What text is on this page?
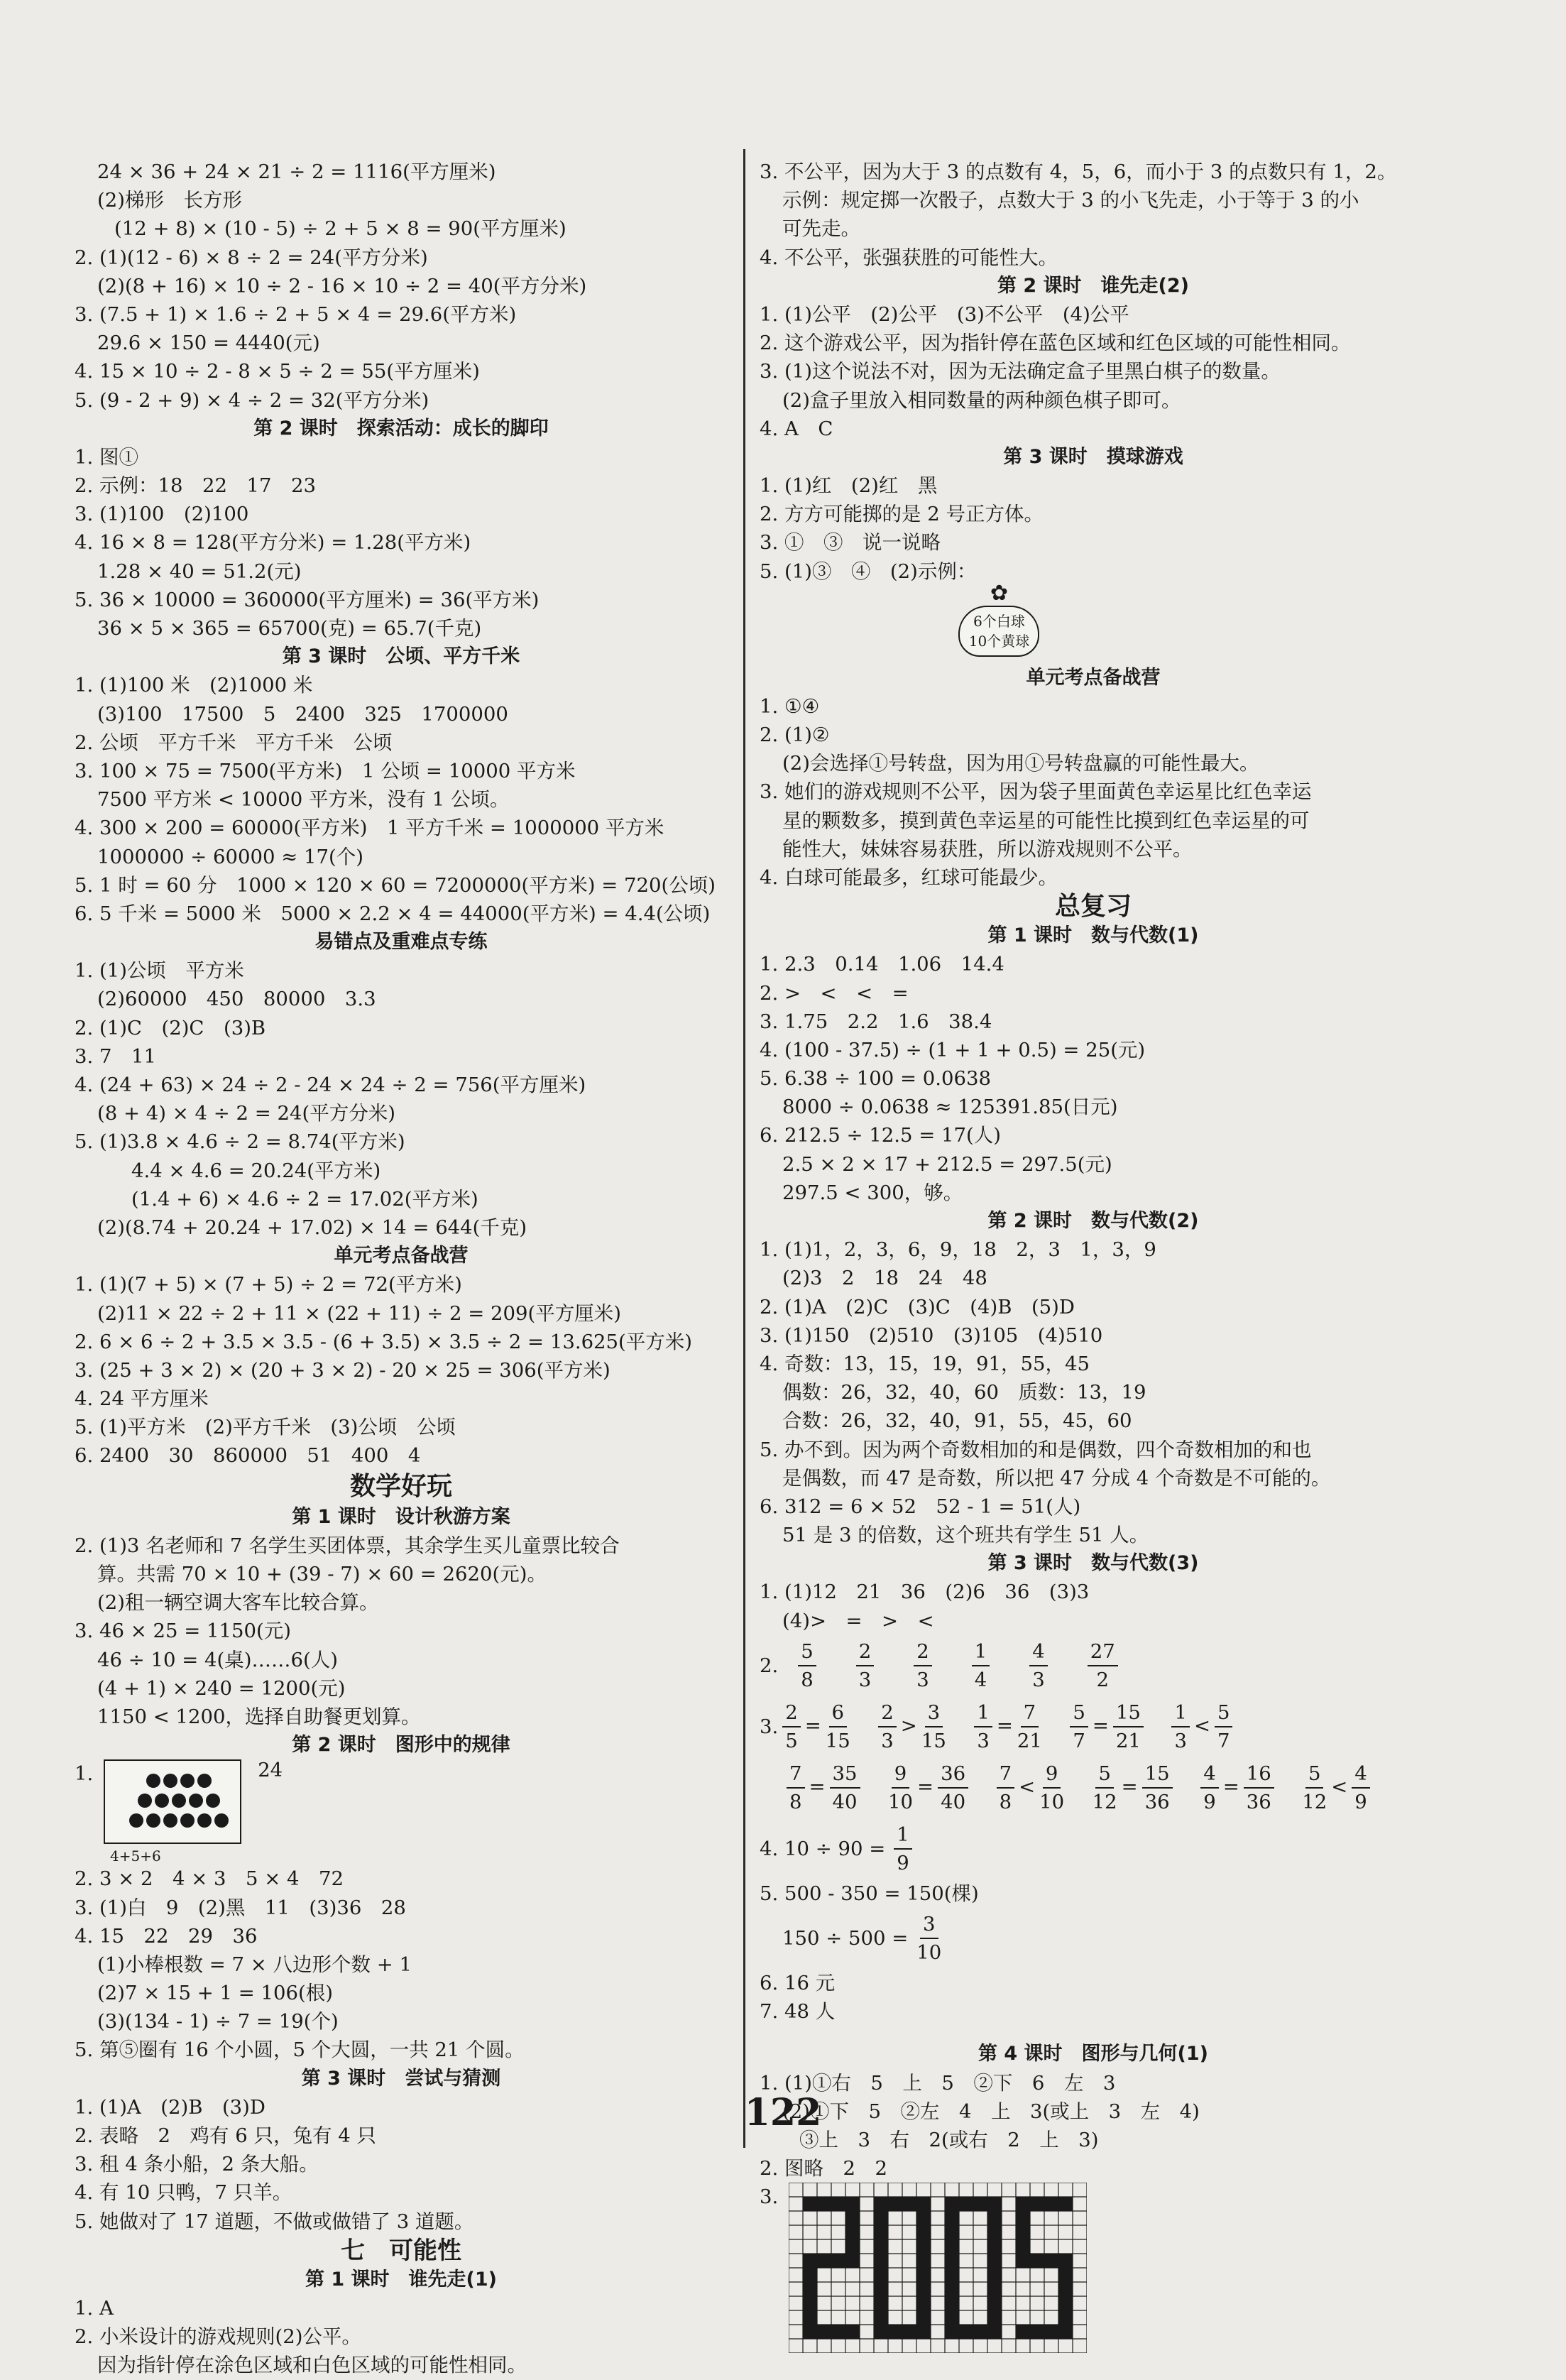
24 × 36 + 24 × 21 ÷ 2 = 1116(平方厘米)
(2)梯形　长方形
(12 + 8) × (10 - 5) ÷ 2 + 5 × 8 = 90(平方厘米)
2. (1)(12 - 6) × 8 ÷ 2 = 24(平方分米)
(2)(8 + 16) × 10 ÷ 2 - 16 × 10 ÷ 2 = 40(平方分米)
3. (7.5 + 1) × 1.6 ÷ 2 + 5 × 4 = 29.6(平方米)
29.6 × 150 = 4440(元)
4. 15 × 10 ÷ 2 - 8 × 5 ÷ 2 = 55(平方厘米)
5. (9 - 2 + 9) × 4 ÷ 2 = 32(平方分米)
第 2 课时　探索活动：成长的脚印
1. 图①
2. 示例：18　22　17　23
3. (1)100　(2)100
4. 16 × 8 = 128(平方分米) = 1.28(平方米)
1.28 × 40 = 51.2(元)
5. 36 × 10000 = 360000(平方厘米) = 36(平方米)
36 × 5 × 365 = 65700(克) = 65.7(千克)
第 3 课时　公顷、平方千米
1. (1)100 米　(2)1000 米
(3)100　17500　5　2400　325　1700000
2. 公顷　平方千米　平方千米　公顷
3. 100 × 75 = 7500(平方米)　1 公顷 = 10000 平方米
7500 平方米 < 10000 平方米，没有 1 公顷。
4. 300 × 200 = 60000(平方米)　1 平方千米 = 1000000 平方米
1000000 ÷ 60000 ≈ 17(个)
5. 1 时 = 60 分　1000 × 120 × 60 = 7200000(平方米) = 720(公顷)
6. 5 千米 = 5000 米　5000 × 2.2 × 4 = 44000(平方米) = 4.4(公顷)
易错点及重难点专练
1. (1)公顷　平方米
(2)60000　450　80000　3.3
2. (1)C　(2)C　(3)B
3. 7　11
4. (24 + 63) × 24 ÷ 2 - 24 × 24 ÷ 2 = 756(平方厘米)
(8 + 4) × 4 ÷ 2 = 24(平方分米)
5. (1)3.8 × 4.6 ÷ 2 = 8.74(平方米)
4.4 × 4.6 = 20.24(平方米)
(1.4 + 6) × 4.6 ÷ 2 = 17.02(平方米)
(2)(8.74 + 20.24 + 17.02) × 14 = 644(千克)
单元考点备战营
1. (1)(7 + 5) × (7 + 5) ÷ 2 = 72(平方米)
(2)11 × 22 ÷ 2 + 11 × (22 + 11) ÷ 2 = 209(平方厘米)
2. 6 × 6 ÷ 2 + 3.5 × 3.5 - (6 + 3.5) × 3.5 ÷ 2 = 13.625(平方米)
3. (25 + 3 × 2) × (20 + 3 × 2) - 20 × 25 = 306(平方米)
4. 24 平方厘米
5. (1)平方米　(2)平方千米　(3)公顷　公顷
6. 2400　30　860000　51　400　4
数学好玩
第 1 课时　设计秋游方案
2. (1)3 名老师和 7 名学生买团体票，其余学生买儿童票比较合
算。共需 70 × 10 + (39 - 7) × 60 = 2620(元)。
(2)租一辆空调大客车比较合算。
3. 46 × 25 = 1150(元)
46 ÷ 10 = 4(桌)……6(人)
(4 + 1) × 240 = 1200(元)
1150 < 1200，选择自助餐更划算。
第 2 课时　图形中的规律
1.	24
4+5+6
2. 3 × 2　4 × 3　5 × 4　72
3. (1)白　9　(2)黑　11　(3)36　28
4. 15　22　29　36
(1)小棒根数 = 7 × 八边形个数 + 1
(2)7 × 15 + 1 = 106(根)
(3)(134 - 1) ÷ 7 = 19(个)
5. 第⑤圈有 16 个小圆，5 个大圆，一共 21 个圆。
第 3 课时　尝试与猜测
1. (1)A　(2)B　(3)D
2. 表略　2　鸡有 6 只，兔有 4 只
3. 租 4 条小船，2 条大船。
4. 有 10 只鸭，7 只羊。
5. 她做对了 17 道题，不做或做错了 3 道题。
七　可能性
第 1 课时　谁先走(1)
1. A
2. 小米设计的游戏规则(2)公平。
因为指针停在涂色区域和白色区域的可能性相同。
3. 不公平，因为大于 3 的点数有 4，5，6，而小于 3 的点数只有 1，2。
示例：规定掷一次骰子，点数大于 3 的小飞先走，小于等于 3 的小
可先走。
4. 不公平，张强获胜的可能性大。
第 2 课时　谁先走(2)
1. (1)公平　(2)公平　(3)不公平　(4)公平
2. 这个游戏公平，因为指针停在蓝色区域和红色区域的可能性相同。
3. (1)这个说法不对，因为无法确定盒子里黑白棋子的数量。
(2)盒子里放入相同数量的两种颜色棋子即可。
4. A　C
第 3 课时　摸球游戏
1. (1)红　(2)红　黑
2. 方方可能掷的是 2 号正方体。
3. ①　③　说一说略
5. (1)③　④　(2)示例：
✿
6个白球
10个黄球
单元考点备战营
1. ①④
2. (1)②
(2)会选择①号转盘，因为用①号转盘赢的可能性最大。
3. 她们的游戏规则不公平，因为袋子里面黄色幸运星比红色幸运
星的颗数多，摸到黄色幸运星的可能性比摸到红色幸运星的可
能性大，妹妹容易获胜，所以游戏规则不公平。
4. 白球可能最多，红球可能最少。
总复习
第 1 课时　数与代数(1)
1. 2.3　0.14　1.06　14.4
2. >　<　<　=
3. 1.75　2.2　1.6　38.4
4. (100 - 37.5) ÷ (1 + 1 + 0.5) = 25(元)
5. 6.38 ÷ 100 = 0.0638
8000 ÷ 0.0638 ≈ 125391.85(日元)
6. 212.5 ÷ 12.5 = 17(人)
2.5 × 2 × 17 + 212.5 = 297.5(元)
297.5 < 300，够。
第 2 课时　数与代数(2)
1. (1)1，2，3，6，9，18　2，3　1，3，9
(2)3　2　18　24　48
2. (1)A　(2)C　(3)C　(4)B　(5)D
3. (1)150　(2)510　(3)105　(4)510
4. 奇数：13，15，19，91，55，45
偶数：26，32，40，60　质数：13，19
合数：26，32，40，91，55，45，60
5. 办不到。因为两个奇数相加的和是偶数，四个奇数相加的和也
是偶数，而 47 是奇数，所以把 47 分成 4 个奇数是不可能的。
6. 312 = 6 × 52　52 - 1 = 51(人)
51 是 3 的倍数，这个班共有学生 51 人。
第 3 课时　数与代数(3)
1. (1)12　21　36　(2)6　36　(3)3
(4)>　=　>　<
2. $\frac{5}{8} \frac{2}{3} \frac{2}{3} \frac{1}{4} \frac{4}{3} \frac{27}{2}$
3. $\frac{2}{5} = \frac{6}{15}$
　 $\frac{2}{3} > \frac{3}{15}$
　 $\frac{1}{3} = \frac{7}{21}$
　 $\frac{5}{7} = \frac{15}{21}$
　 $\frac{1}{3} < \frac{5}{7}$
$\frac{7}{8} = \frac{35}{40}$
　 $\frac{9}{10} = \frac{36}{40}$
　 $\frac{7}{8} < \frac{9}{10}$
　 $\frac{5}{12} = \frac{15}{36}$
　 $\frac{4}{9} = \frac{16}{36}$
　 $\frac{5}{12} < \frac{4}{9}$
4. $10 \div 90 = \frac{1}{9}$
5. 500 - 350 = 150(棵)
$150 \div 500 = \frac{3}{10}$
6. 16 元
7. 48 人
第 4 课时　图形与几何(1)
1. (1)①右　5　上　5　②下　6　左　3
(2)①下　5　②左　4　上　3(或上　3　左　4)
③上　3　右　2(或右　2　上　3)
2. 图略　2　2
3.
122
